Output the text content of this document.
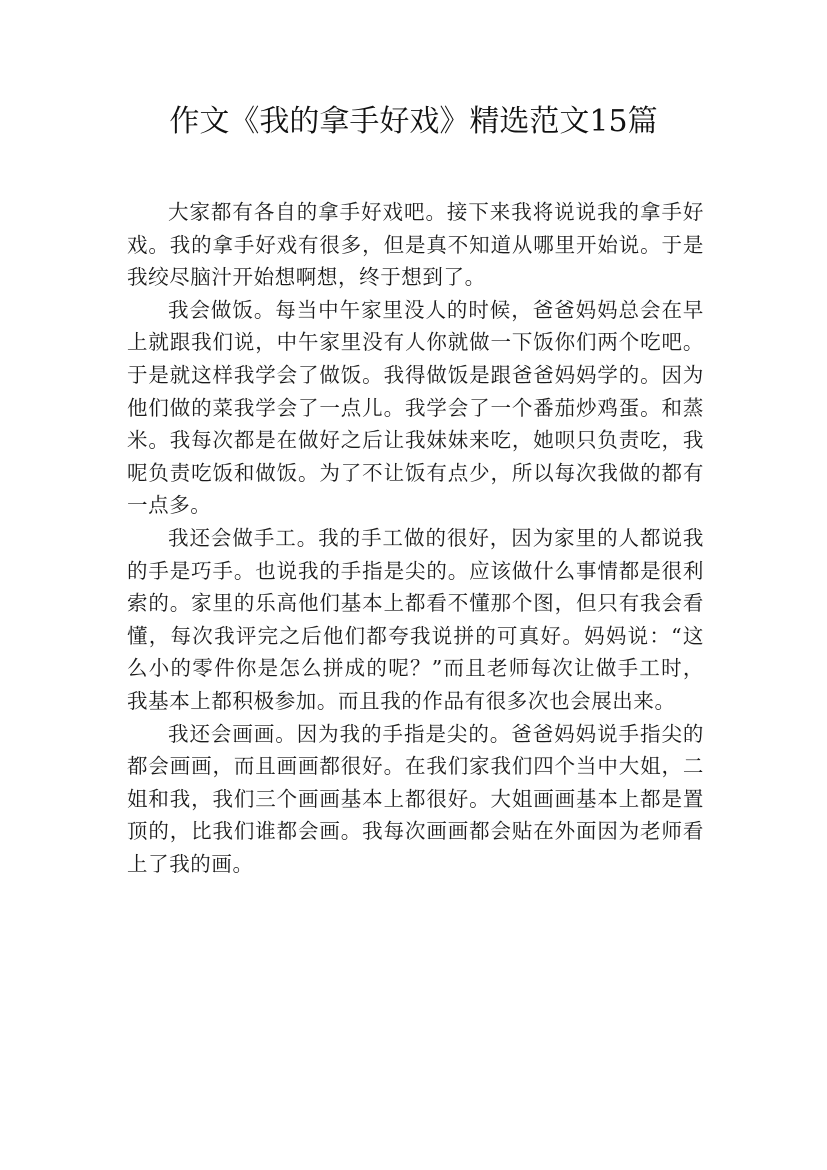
作文《我的拿手好戏》精选范文15篇

大家都有各自的拿手好戏吧。接下来我将说说我的拿手好戏。我的拿手好戏有很多，但是真不知道从哪里开始说。于是我绞尽脑汁开始想啊想，终于想到了。

我会做饭。每当中午家里没人的时候，爸爸妈妈总会在早上就跟我们说，中午家里没有人你就做一下饭你们两个吃吧。于是就这样我学会了做饭。我得做饭是跟爸爸妈妈学的。因为他们做的菜我学会了一点儿。我学会了一个番茄炒鸡蛋。和蒸米。我每次都是在做好之后让我妹妹来吃，她呗只负责吃，我呢负责吃饭和做饭。为了不让饭有点少，所以每次我做的都有一点多。

我还会做手工。我的手工做的很好，因为家里的人都说我的手是巧手。也说我的手指是尖的。应该做什么事情都是很利索的。家里的乐高他们基本上都看不懂那个图，但只有我会看懂，每次我评完之后他们都夸我说拼的可真好。妈妈说：“这么小的零件你是怎么拼成的呢？”而且老师每次让做手工时，我基本上都积极参加。而且我的作品有很多次也会展出来。

我还会画画。因为我的手指是尖的。爸爸妈妈说手指尖的都会画画，而且画画都很好。在我们家我们四个当中大姐，二姐和我，我们三个画画基本上都很好。大姐画画基本上都是置顶的，比我们谁都会画。我每次画画都会贴在外面因为老师看上了我的画。
